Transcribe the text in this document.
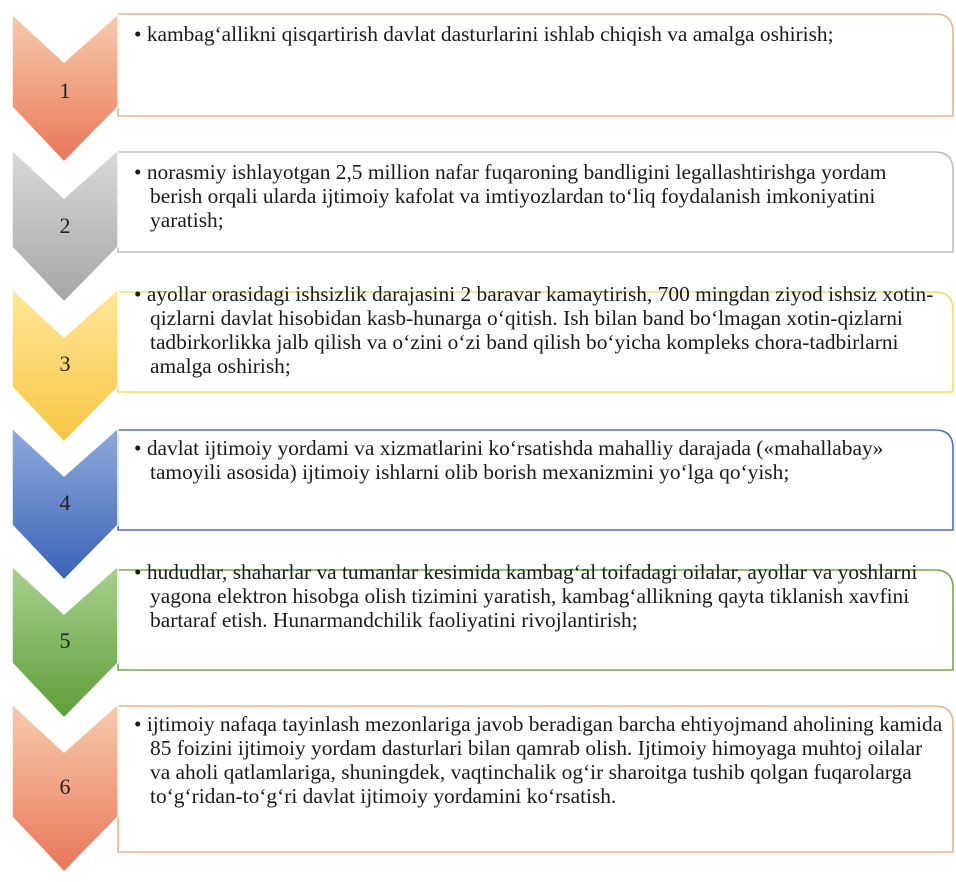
1
• kambag‘allikni qisqartirish davlat dasturlarini ishlab chiqish va amalga oshirish;
2
• norasmiy ishlayotgan 2,5 million nafar fuqaroning bandligini legallashtirishga yordam berish orqali ularda ijtimoiy kafolat va imtiyozlardan to‘liq foydalanish imkoniyatini yaratish;
3
• ayollar orasidagi ishsizlik darajasini 2 baravar kamaytirish, 700 mingdan ziyod ishsiz xotin-qizlarni davlat hisobidan kasb-hunarga o‘qitish. Ish bilan band bo‘lmagan xotin-qizlarni tadbirkorlikka jalb qilish va o‘zini o‘zi band qilish bo‘yicha kompleks chora-tadbirlarni amalga oshirish;
4
• davlat ijtimoiy yordami va xizmatlarini ko‘rsatishda mahalliy darajada («mahallabay» tamoyili asosida) ijtimoiy ishlarni olib borish mexanizmini yo‘lga qo‘yish;
5
• hududlar, shaharlar va tumanlar kesimida kambag‘al toifadagi oilalar, ayollar va yoshlarni yagona elektron hisobga olish tizimini yaratish, kambag‘allikning qayta tiklanish xavfini bartaraf etish. Hunarmandchilik faoliyatini rivojlantirish;
6
• ijtimoiy nafaqa tayinlash mezonlariga javob beradigan barcha ehtiyojmand aholining kamida 85 foizini ijtimoiy yordam dasturlari bilan qamrab olish. Ijtimoiy himoyaga muhtoj oilalar va aholi qatlamlariga, shuningdek, vaqtinchalik og‘ir sharoitga tushib qolgan fuqarolarga to‘g‘ridan-to‘g‘ri davlat ijtimoiy yordamini ko‘rsatish.
